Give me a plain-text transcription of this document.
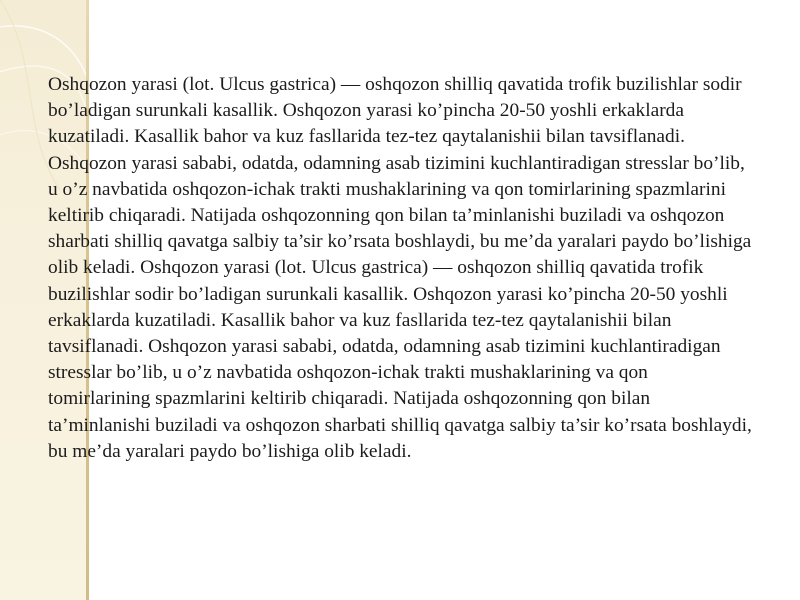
Oshqozon yarasi (lot. Ulcus gastrica) — oshqozon shilliq qavatida trofik buzilishlar sodir bo’ladigan surunkali kasallik. Oshqozon yarasi ko’pincha 20-50 yoshli erkaklarda kuzatiladi. Kasallik bahor va kuz fasllarida tez-tez qaytalanishii bilan tavsiflanadi. Oshqozon yarasi sababi, odatda, odamning asab tizimini kuchlantiradigan stresslar bo’lib, u o’z navbatida oshqozon-ichak trakti mushaklarining va qon tomirlarining spazmlarini keltirib chiqaradi. Natijada oshqozonning qon bilan ta’minlanishi buziladi va oshqozon sharbati shilliq qavatga salbiy ta’sir ko’rsata boshlaydi, bu me’da yaralari paydo bo’lishiga olib keladi. Oshqozon yarasi (lot. Ulcus gastrica) — oshqozon shilliq qavatida trofik buzilishlar sodir bo’ladigan surunkali kasallik. Oshqozon yarasi ko’pincha 20-50 yoshli erkaklarda kuzatiladi. Kasallik bahor va kuz fasllarida tez-tez qaytalanishii bilan tavsiflanadi. Oshqozon yarasi sababi, odatda, odamning asab tizimini kuchlantiradigan stresslar bo’lib, u o’z navbatida oshqozon-ichak trakti mushaklarining va qon tomirlarining spazmlarini keltirib chiqaradi. Natijada oshqozonning qon bilan ta’minlanishi buziladi va oshqozon sharbati shilliq qavatga salbiy ta’sir ko’rsata boshlaydi, bu me’da yaralari paydo bo’lishiga olib keladi.
